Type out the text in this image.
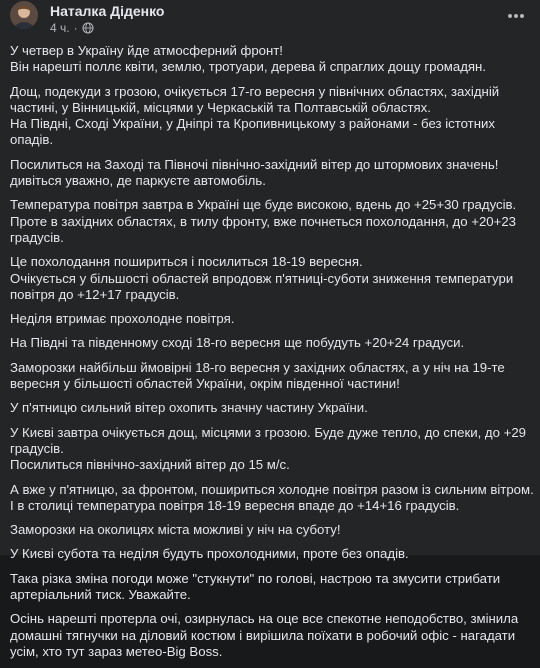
Наталка Діденко
4 ч. ·

У четвер в Україну йде атмосферний фронт!
Він нарешті поллє квіти, землю, тротуари, дерева й спраглих дощу громадян.

Дощ, подекуди з грозою, очікується 17-го вересня у північних областях, західній частині, у Вінницькій, місцями у Черкаській та Полтавській областях.
На Півдні, Сході України, у Дніпрі та Кропивницькому з районами - без істотних опадів.

Посилиться на Заході та Півночі північно-західний вітер до штормових значень! дивіться уважно, де паркуєте автомобіль.

Температура повітря завтра в Україні ще буде високою, вдень до +25+30 градусів.
Проте в західних областях, в тилу фронту, вже почнеться похолодання, до +20+23 градусів.

Це похолодання пошириться і посилиться 18-19 вересня.
Очікується у більшості областей впродовж п'ятниці-суботи зниження температури повітря до +12+17 градусів.

Неділя втримає прохолодне повітря.

На Півдні та південному сході 18-го вересня ще побудуть +20+24 градуси.

Заморозки найбільш ймовірні 18-го вересня у західних областях, а у ніч на 19-те вересня у більшості областей України, окрім південної частини!

У п'ятницю сильний вітер охопить значну частину України.

У Києві завтра очікується дощ, місцями з грозою. Буде дуже тепло, до спеки, до +29 градусів.
Посилиться північно-західний вітер до 15 м/с.

А вже у п'ятницю, за фронтом, пошириться холодне повітря разом із сильним вітром.
І в столиці температура повітря 18-19 вересня впаде до +14+16 градусів.

Заморозки на околицях міста можливі у ніч на суботу!

У Києві субота та неділя будуть прохолодними, проте без опадів.

Така різка зміна погоди може "стукнути" по голові, настрою та змусити стрибати артеріальний тиск. Уважайте.

Осінь нарешті протерла очі, озирнулась на оце все спекотне неподобство, змінила домашні тягнучки на діловий костюм і вирішила поїхати в робочий офіс - нагадати усім, хто тут зараз метео-Big Boss.
